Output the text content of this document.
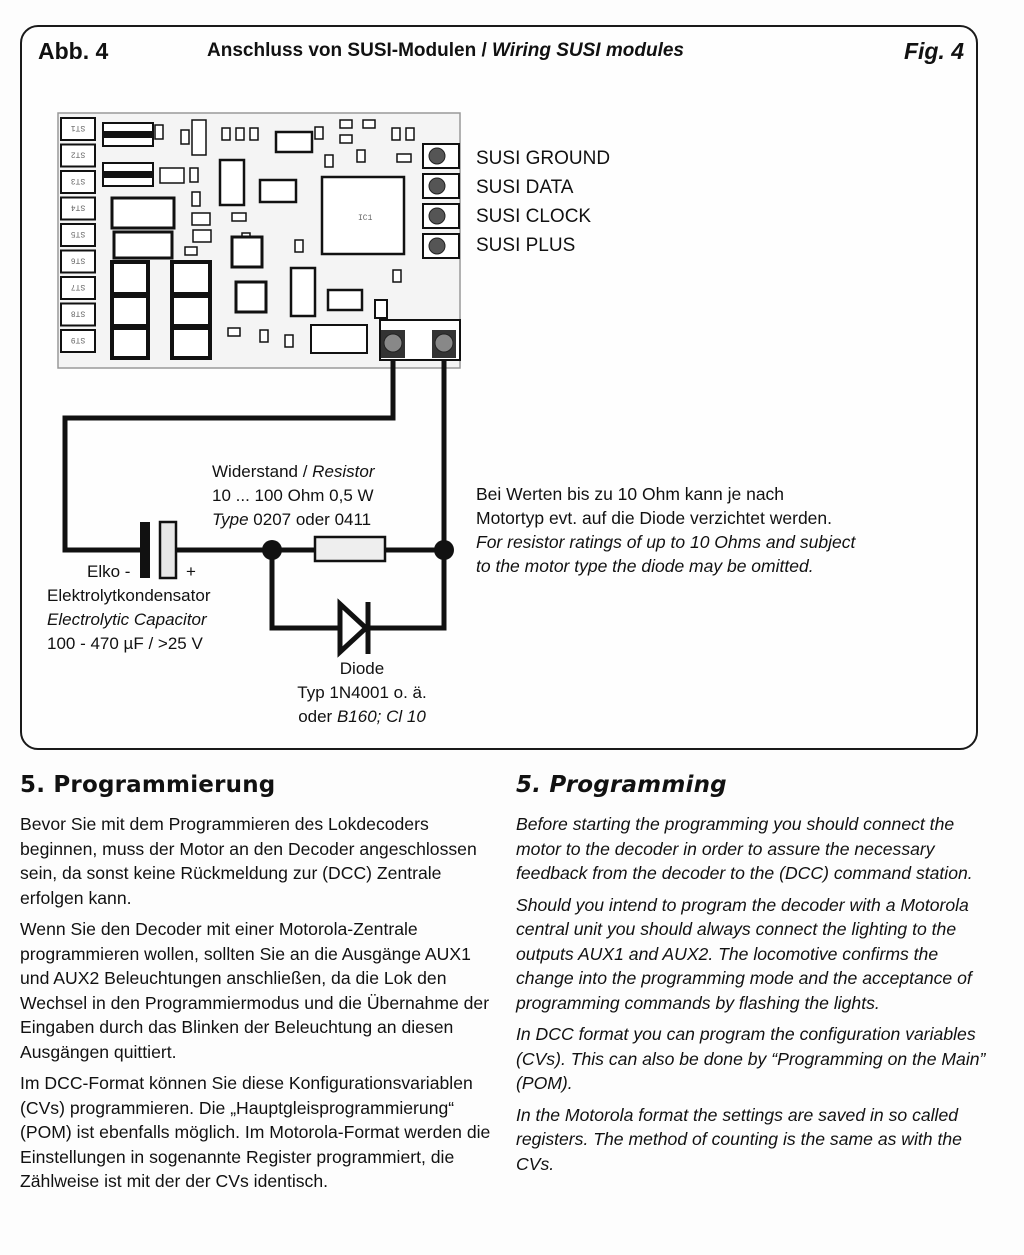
Abb. 4	Anschluss von SUSI-Modulen / Wiring SUSI modules	Fig. 4
ST1
ST2
ST3
ST4
ST5
ST6
ST7
ST8
ST9
IC1
SUSI GROUND
SUSI DATA
SUSI CLOCK
SUSI PLUS
Widerstand / Resistor
10 ... 100 Ohm 0,5 W
Type 0207 oder 0411
Elko -	+
Elektrolytkondensator
Electrolytic Capacitor
100 - 470 µF / >25 V
Diode
Typ 1N4001 o. ä.
oder B160; Cl 10
Bei Werten bis zu 10 Ohm kann je nach
Motortyp evt. auf die Diode verzichtet werden.
For resistor ratings of up to 10 Ohms and subject
to the motor type the diode may be omitted.
5. Programmierung

Bevor Sie mit dem Programmieren des Lokdecoders beginnen, muss der Motor an den Decoder angeschlossen sein, da sonst keine Rückmeldung zur (DCC) Zentrale erfolgen kann.

Wenn Sie den Decoder mit einer Motorola-Zentrale programmieren wollen, sollten Sie an die Ausgänge AUX1 und AUX2 Beleuchtungen anschließen, da die Lok den Wechsel in den Programmiermodus und die Übernahme der Eingaben durch das Blinken der Beleuchtung an diesen Ausgängen quittiert.

Im DCC-Format können Sie diese Konfigurationsvariablen (CVs) programmieren. Die „Hauptgleisprogrammierung“ (POM) ist ebenfalls möglich. Im Motorola-Format werden die Einstellungen in sogenannte Register programmiert, die Zählweise ist mit der der CVs identisch.

5. Programming

Before starting the programming you should connect the motor to the decoder in order to assure the necessary feedback from the decoder to the (DCC) command station.

Should you intend to program the decoder with a Motorola central unit you should always connect the lighting to the outputs AUX1 and AUX2. The locomotive confirms the change into the programming mode and the acceptance of programming commands by flashing the lights.

In DCC format you can program the configuration variables (CVs). This can also be done by “Programming on the Main” (POM).

In the Motorola format the settings are saved in so called registers. The method of counting is the same as with the CVs.
